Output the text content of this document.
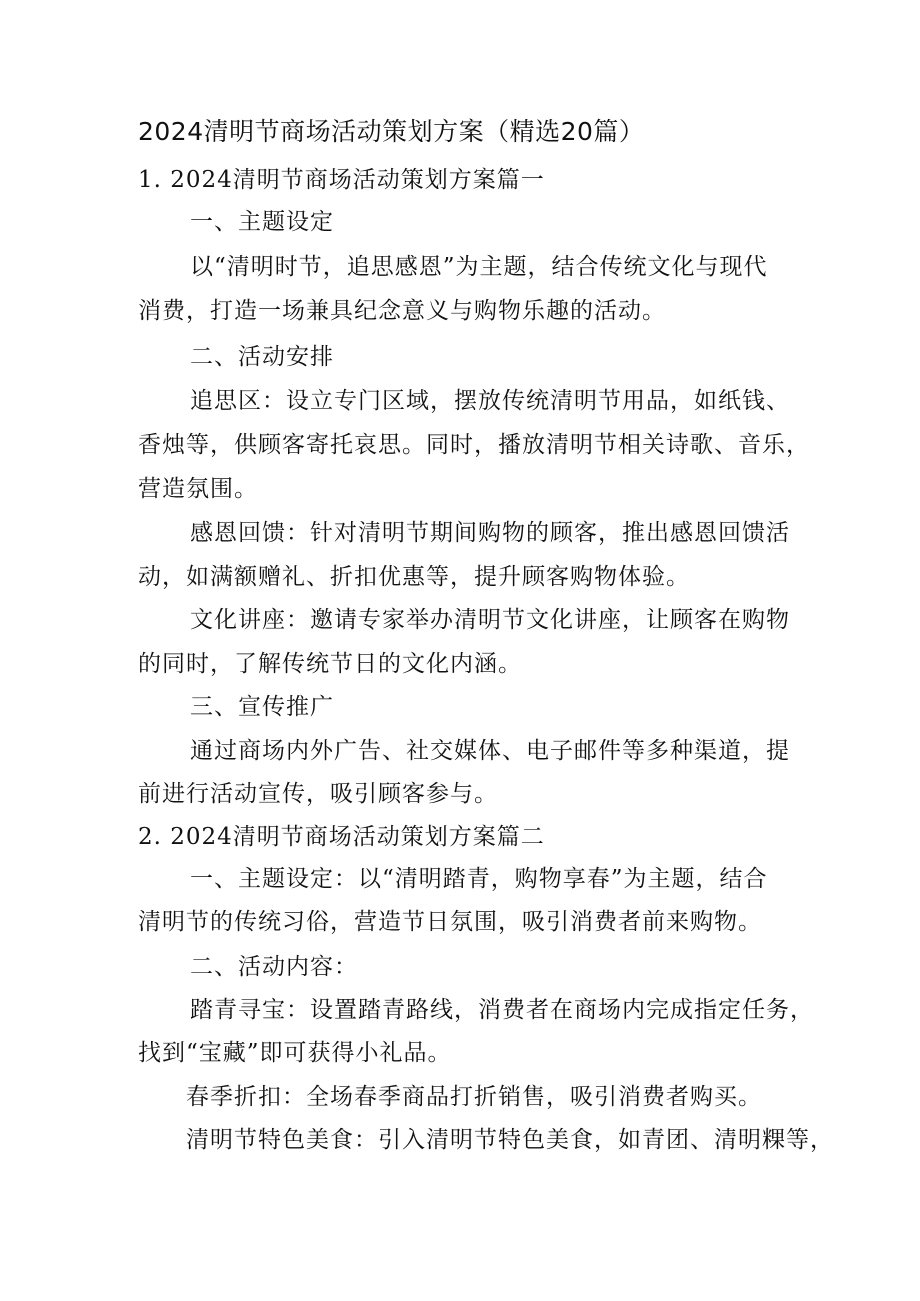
2024清明节商场活动策划方案（精选20篇）
1. 2024清明节商场活动策划方案篇一
一、主题设定
以“清明时节，追思感恩”为主题，结合传统文化与现代
消费，打造一场兼具纪念意义与购物乐趣的活动。
二、活动安排
追思区：设立专门区域，摆放传统清明节用品，如纸钱、
香烛等，供顾客寄托哀思。同时，播放清明节相关诗歌、音乐，
营造氛围。
感恩回馈：针对清明节期间购物的顾客，推出感恩回馈活
动，如满额赠礼、折扣优惠等，提升顾客购物体验。
文化讲座：邀请专家举办清明节文化讲座，让顾客在购物
的同时，了解传统节日的文化内涵。
三、宣传推广
通过商场内外广告、社交媒体、电子邮件等多种渠道，提
前进行活动宣传，吸引顾客参与。
2. 2024清明节商场活动策划方案篇二
一、主题设定：以“清明踏青，购物享春”为主题，结合
清明节的传统习俗，营造节日氛围，吸引消费者前来购物。
二、活动内容：
踏青寻宝：设置踏青路线，消费者在商场内完成指定任务，
找到“宝藏”即可获得小礼品。
春季折扣：全场春季商品打折销售，吸引消费者购买。
清明节特色美食：引入清明节特色美食，如青团、清明粿等，
